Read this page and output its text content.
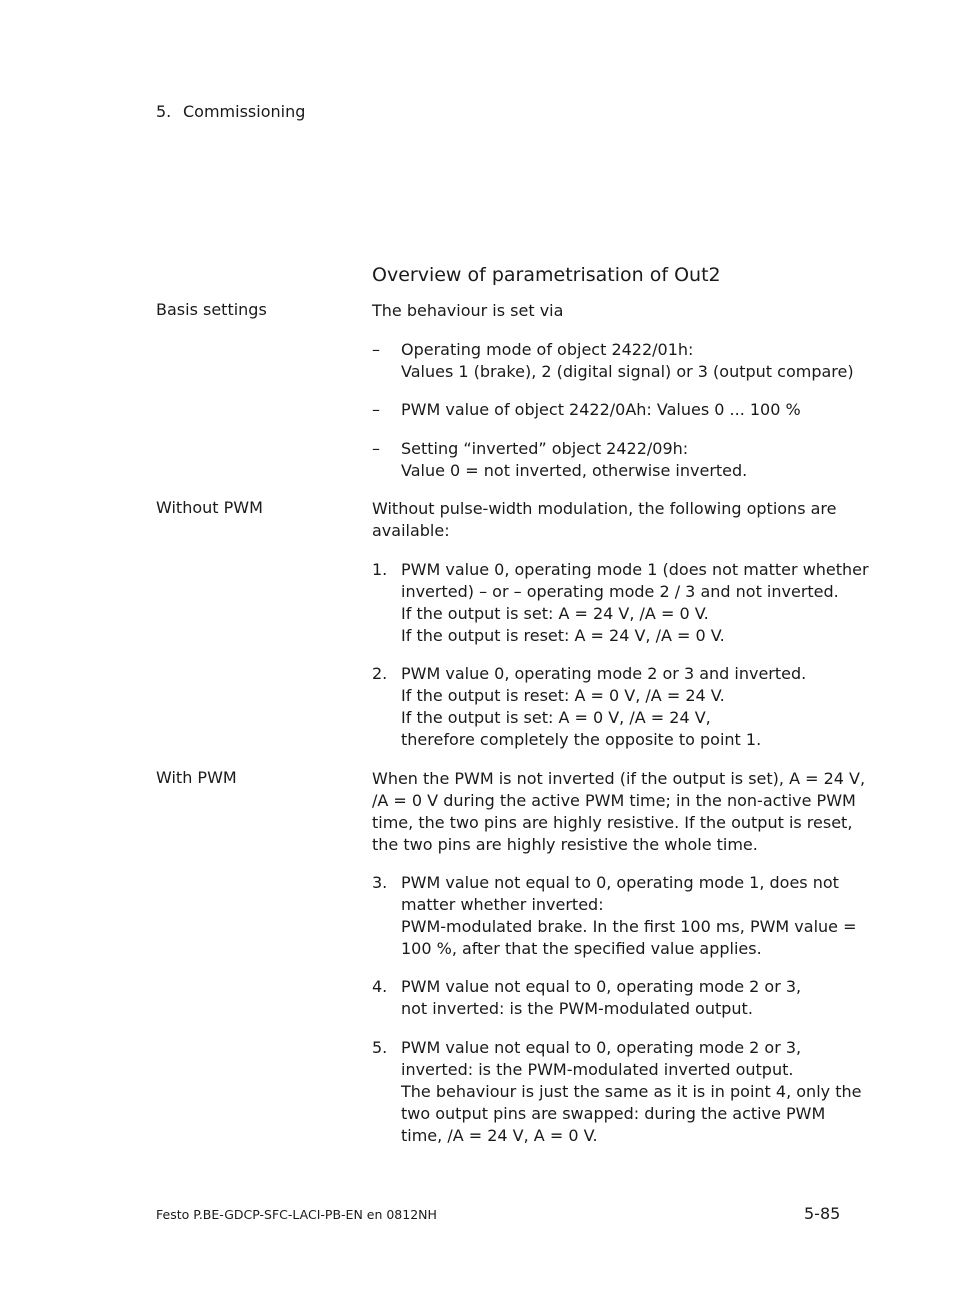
5. Commissioning
Overview of parametrisation of Out2
Basis settings	The behaviour is set via
–	Operating mode of object 2422/01h:
Values 1 (brake), 2 (digital signal) or 3 (output compare)
–	PWM value of object 2422/0Ah: Values 0 ... 100 %
–	Setting “inverted” object 2422/09h:
Value 0 = not inverted, otherwise inverted.
Without PWM	Without pulse-width modulation, the following options are
available:
1. PWM value 0, operating mode 1 (does not matter whether
inverted) – or – operating mode 2 / 3 and not inverted.
If the output is set: A = 24 V, /A = 0 V.
If the output is reset: A = 24 V, /A = 0 V.
2. PWM value 0, operating mode 2 or 3 and inverted.
If the output is reset: A = 0 V, /A = 24 V.
If the output is set: A = 0 V, /A = 24 V,
therefore completely the opposite to point 1.
With PWM	When the PWM is not inverted (if the output is set), A = 24 V,
/A = 0 V during the active PWM time; in the non-active PWM
time, the two pins are highly resistive. If the output is reset,
the two pins are highly resistive the whole time.
3. PWM value not equal to 0, operating mode 1, does not
matter whether inverted:
PWM-modulated brake. In the first 100 ms, PWM value =
100 %, after that the specified value applies.
4. PWM value not equal to 0, operating mode 2 or 3,
not inverted: is the PWM-modulated output.
5. PWM value not equal to 0, operating mode 2 or 3,
inverted: is the PWM-modulated inverted output.
The behaviour is just the same as it is in point 4, only the
two output pins are swapped: during the active PWM
time, /A = 24 V, A = 0 V.
Festo P.BE-GDCP-SFC-LACI-PB-EN en 0812NH	5-85
